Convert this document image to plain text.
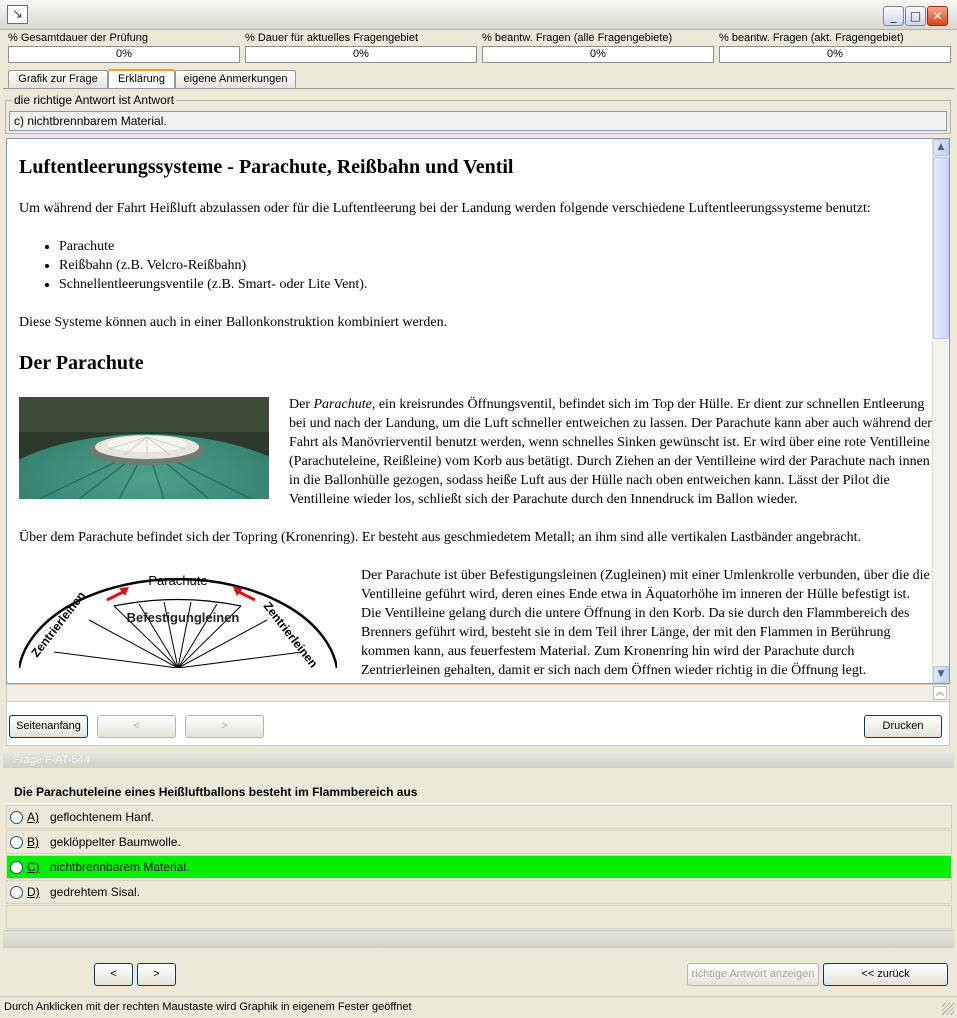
↘	_	□ ✕
% Gesamtdauer der Prüfung
0%
% Dauer für aktuelles Fragengebiet
0%
% beantw. Fragen (alle Fragengebiete)
0%
% beantw. Fragen (akt. Fragengebiet)
0%
Grafik zur Frage	Erklärung	eigene Anmerkungen
die richtige Antwort ist Antwort
c) nichtbrennbarem Material.
Luftentleerungssysteme - Parachute, Reißbahn und Ventil

Um während der Fahrt Heißluft abzulassen oder für die Luftentleerung bei der Landung werden folgende verschiedene Luftentleerungssysteme benutzt:

• Parachute
• Reißbahn (z.B. Velcro-Reißbahn)
• Schnellentleerungsventile (z.B. Smart- oder Lite Vent).

Diese Systeme können auch in einer Ballonkonstruktion kombiniert werden.

Der Parachute

Der Parachute, ein kreisrundes Öffnungsventil, befindet sich im Top der Hülle. Er dient zur schnellen Entleerung bei und nach der Landung, um die Luft schneller entweichen zu lassen. Der Parachute kann aber auch während der Fahrt als Manövrierventil benutzt werden, wenn schnelles Sinken gewünscht ist. Er wird über eine rote Ventilleine (Parachuteleine, Reißleine) vom Korb aus betätigt. Durch Ziehen an der Ventilleine wird der Parachute nach innen in die Ballonhülle gezogen, sodass heiße Luft aus der Hülle nach oben entweichen kann. Lässt der Pilot die Ventilleine wieder los, schließt sich der Parachute durch den Innendruck im Ballon wieder.

Über dem Parachute befindet sich der Topring (Kronenring). Er besteht aus geschmiedetem Metall; an ihm sind alle vertikalen Lastbänder angebracht.

Parachute
Befestigungleinen
Zentrierleinen	Zentrierleinen

Der Parachute ist über Befestigungsleinen (Zugleinen) mit einer Umlenkrolle verbunden, über die die Ventilleine geführt wird, deren eines Ende etwa in Äquatorhöhe im inneren der Hülle befestigt ist. Die Ventilleine gelang durch die untere Öffnung in den Korb. Da sie durch den Flammbereich des Brenners geführt wird, besteht sie in dem Teil ihrer Länge, der mit den Flammen in Berührung kommen kann, aus feuerfestem Material. Zum Kronenring hin wird der Parachute durch Zentrierleinen gehalten, damit er sich nach dem Öffnen wieder richtig in die Öffnung legt.

▲
▼
︽
Seitenanfang	<	>	Drucken
Frage F-AT-544
Die Parachuteleine eines Heißluftballons besteht im Flammbereich aus
A) geflochtenem Hanf.
B) geklöppelter Baumwolle.
C) nichtbrennbarem Material.
D) gedrehtem Sisal.
<	>	richtige Antwort anzeigen	<< zurück
Durch Anklicken mit der rechten Maustaste wird Graphik in eigenem Fester geöffnet
